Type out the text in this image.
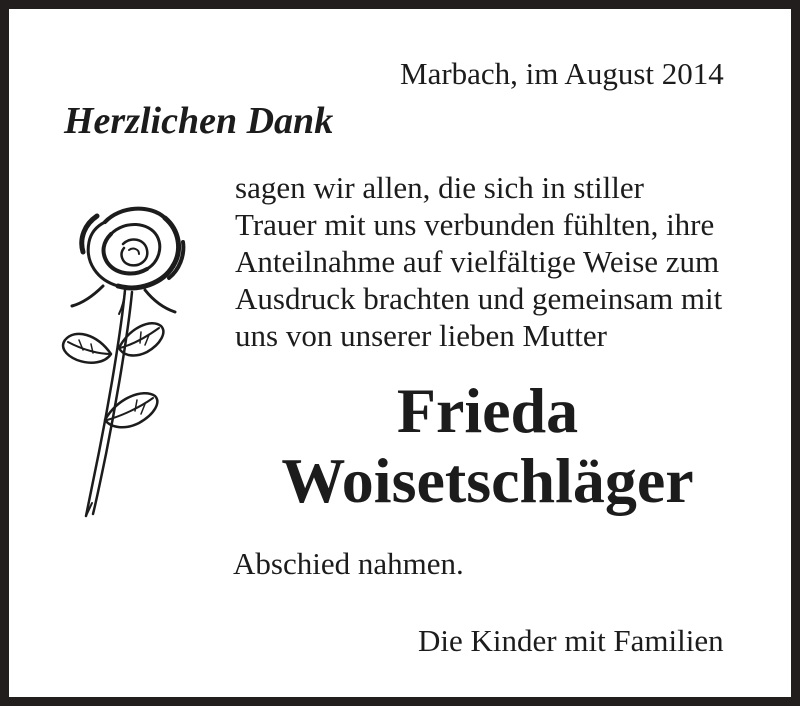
Marbach, im August 2014
Herzlichen Dank
sagen wir allen, die sich in stiller
Trauer mit uns verbunden fühlten, ihre
Anteilnahme auf vielfältige Weise zum
Ausdruck brachten und gemeinsam mit
uns von unserer lieben Mutter
Frieda
Woisetschläger
Abschied nahmen.
Die Kinder mit Familien
